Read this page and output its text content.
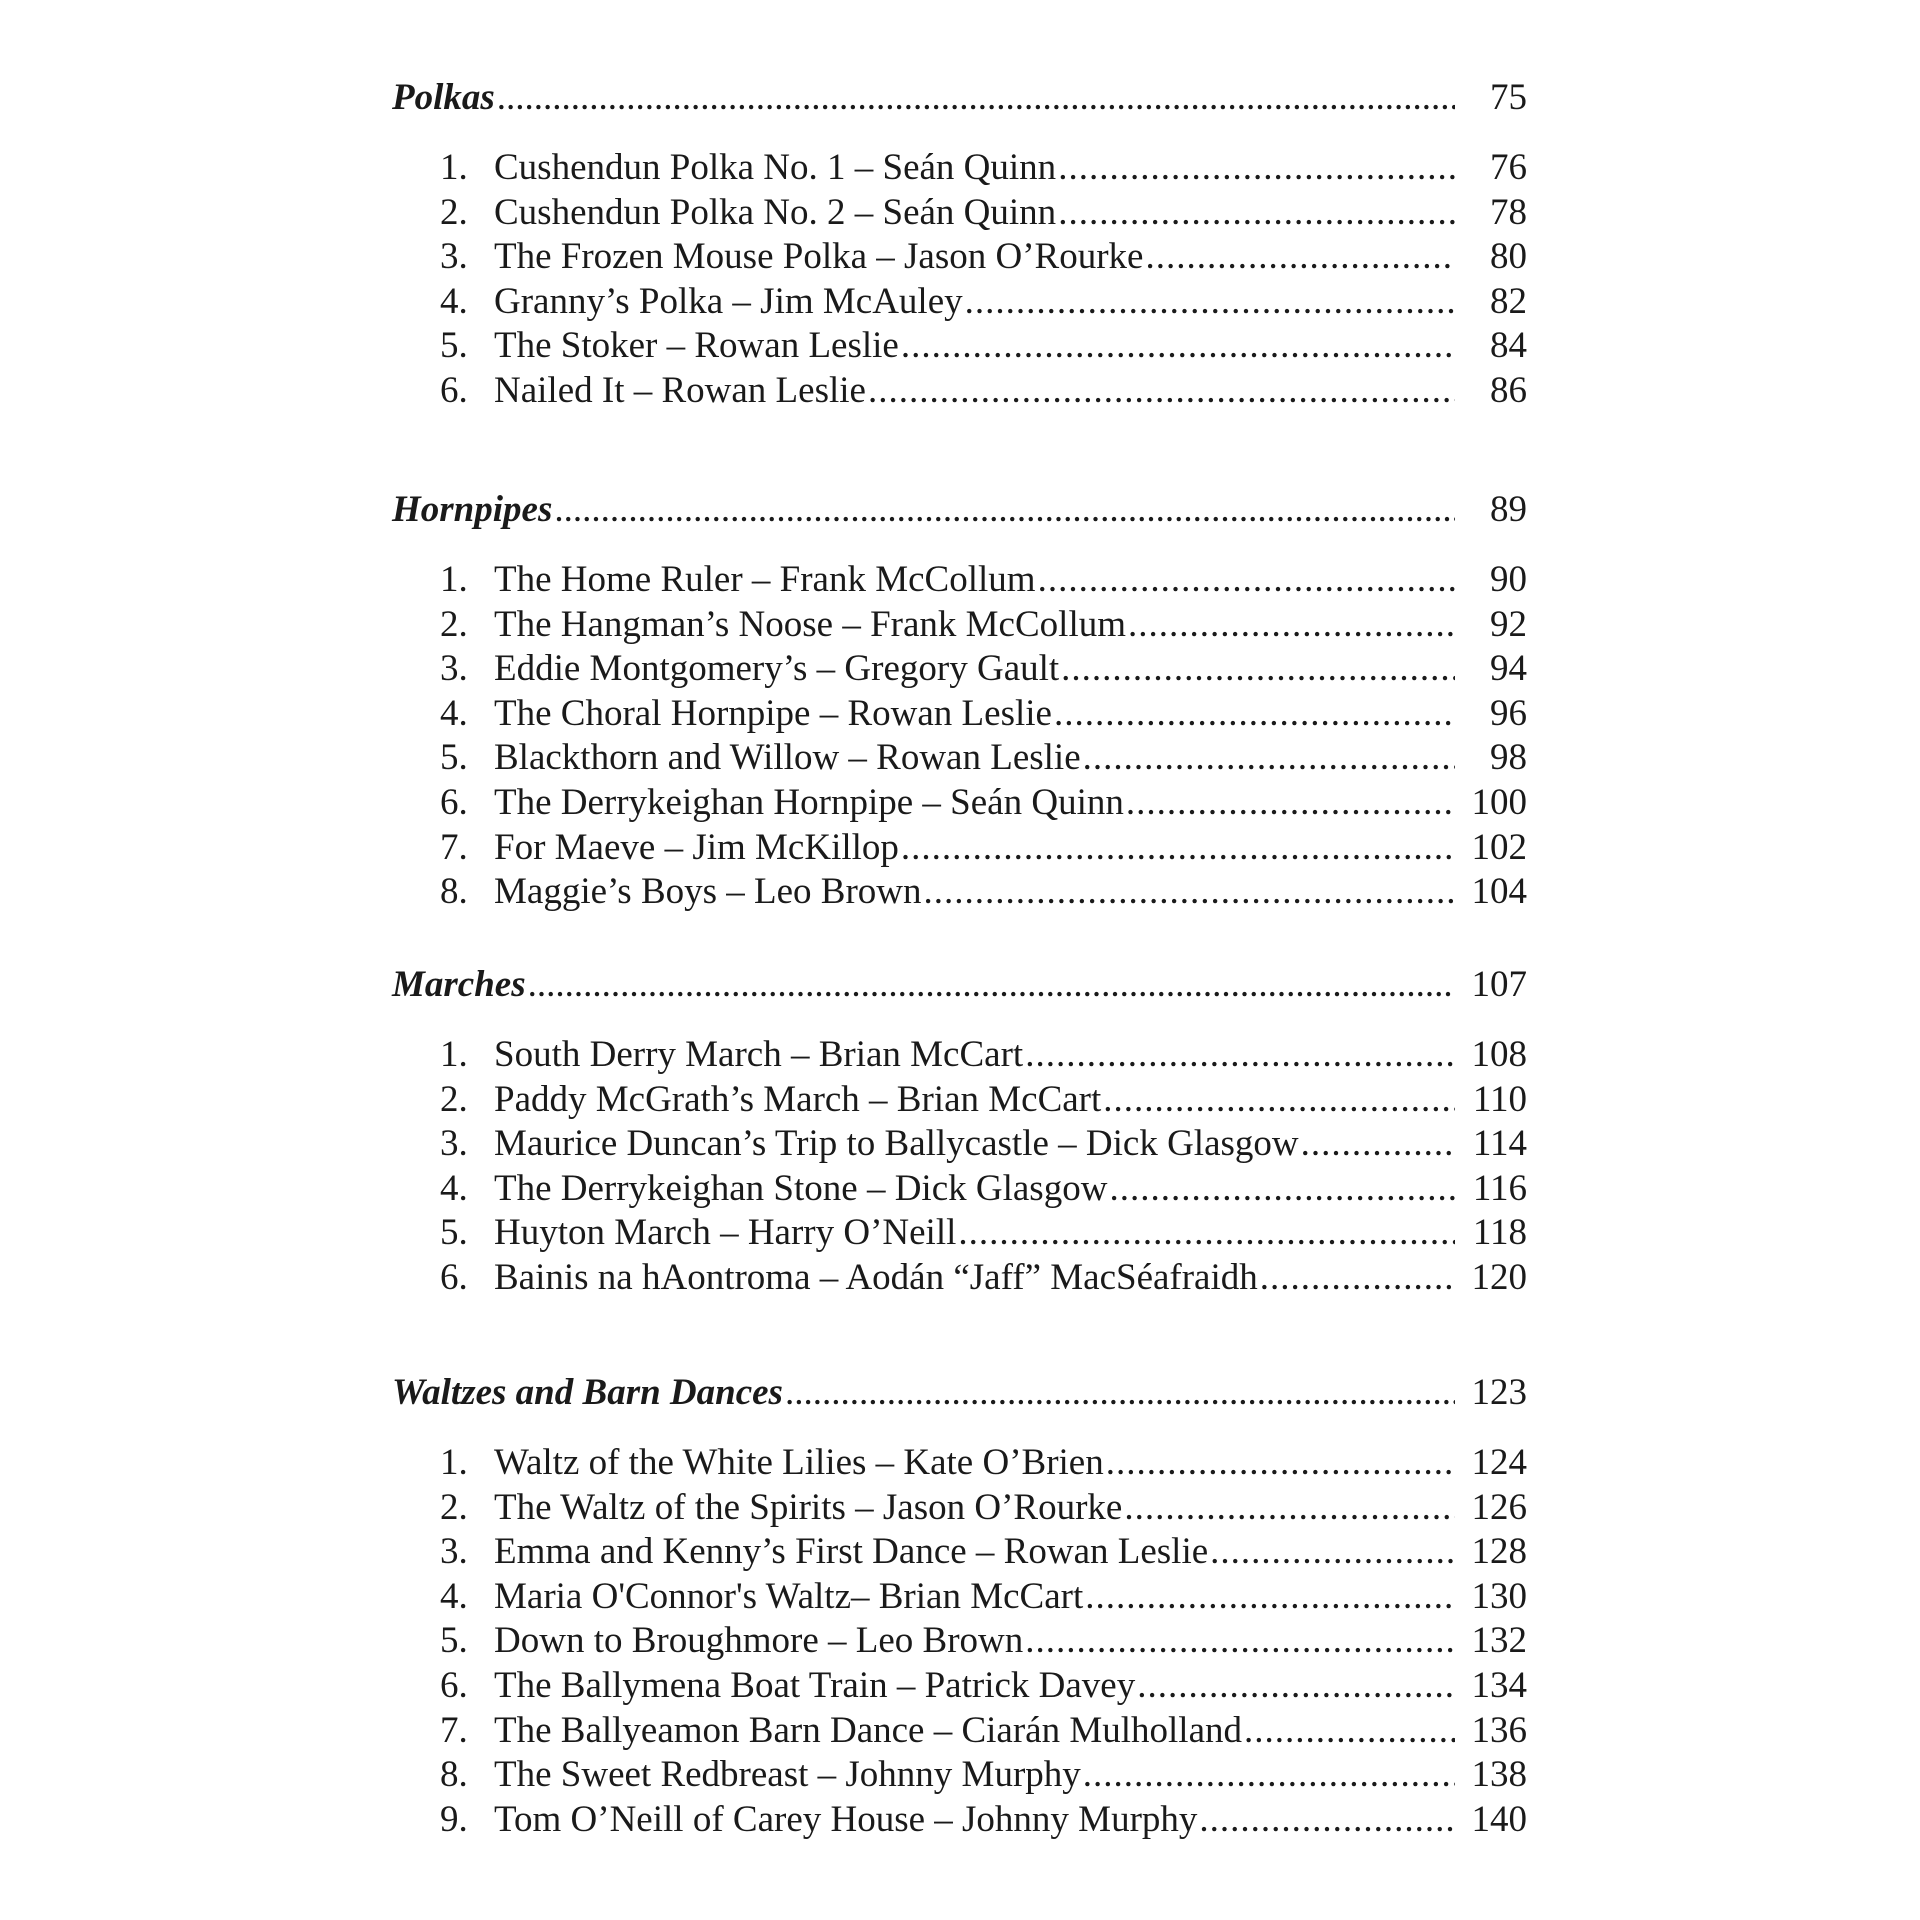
Polkas .....	75
1. Cushendun Polka No. 1 – Seán Quinn .....	76
2. Cushendun Polka No. 2 – Seán Quinn .....	78
3. The Frozen Mouse Polka – Jason O’Rourke .....	80
4. Granny’s Polka – Jim McAuley .....	82
5. The Stoker – Rowan Leslie .....	84
6. Nailed It – Rowan Leslie .....	86
Hornpipes .....	89
1. The Home Ruler – Frank McCollum .....	90
2. The Hangman’s Noose – Frank McCollum .....	92
3. Eddie Montgomery’s – Gregory Gault .....	94
4. The Choral Hornpipe – Rowan Leslie .....	96
5. Blackthorn and Willow – Rowan Leslie .....	98
6. The Derrykeighan Hornpipe – Seán Quinn .....	100
7. For Maeve – Jim McKillop .....	102
8. Maggie’s Boys – Leo Brown .....	104
Marches .....	107
1. South Derry March – Brian McCart .....	108
2. Paddy McGrath’s March – Brian McCart .....	110
3. Maurice Duncan’s Trip to Ballycastle – Dick Glasgow .....	114
4. The Derrykeighan Stone – Dick Glasgow .....	116
5. Huyton March – Harry O’Neill .....	118
6. Bainis na hAontroma – Aodán “Jaff” MacSéafraidh .....	120
Waltzes and Barn Dances .....	123
1. Waltz of the White Lilies – Kate O’Brien .....	124
2. The Waltz of the Spirits – Jason O’Rourke .....	126
3. Emma and Kenny’s First Dance – Rowan Leslie .....	128
4. Maria O'Connor's Waltz– Brian McCart .....	130
5. Down to Broughmore – Leo Brown .....	132
6. The Ballymena Boat Train – Patrick Davey .....	134
7. The Ballyeamon Barn Dance – Ciarán Mulholland .....	136
8. The Sweet Redbreast – Johnny Murphy .....	138
9. Tom O’Neill of Carey House – Johnny Murphy .....	140
